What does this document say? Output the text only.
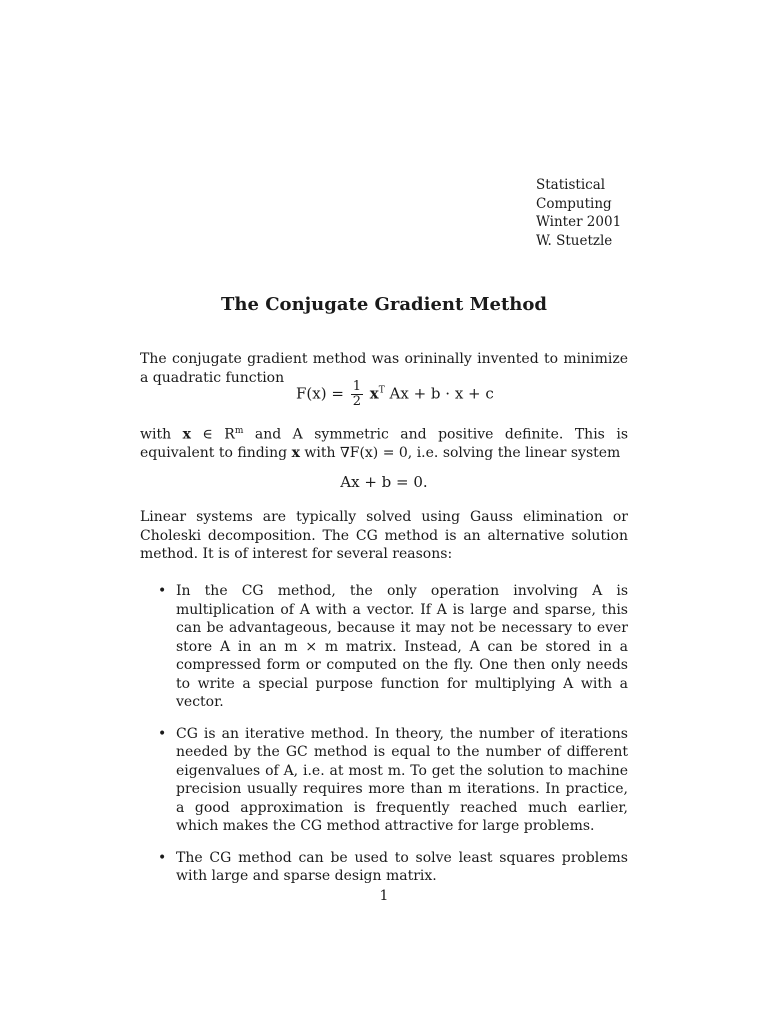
Statistical
Computing
Winter 2001
W. Stuetzle
The Conjugate Gradient Method
The conjugate gradient method was orininally invented to minimize a quadratic function
$F(x) = \frac{1}{2} x^T$ Ax + b · x + c
with x ∈ $R^m$ and A symmetric and positive definite. This is equivalent to finding x with ∇F(x) = 0, i.e. solving the linear system
Ax + b = 0.
Linear systems are typically solved using Gauss elimination or Choleski decomposition. The CG method is an alternative solution method. It is of interest for several reasons:
• In the CG method, the only operation involving A is multiplication of A with a vector. If A is large and sparse, this can be advantageous, because it may not be necessary to ever store A in an m × m matrix. Instead, A can be stored in a compressed form or computed on the fly. One then only needs to write a special purpose function for multiplying A with a vector.
• CG is an iterative method. In theory, the number of iterations needed by the GC method is equal to the number of different eigenvalues of A, i.e. at most m. To get the solution to machine precision usually requires more than m iterations. In practice, a good approximation is frequently reached much earlier, which makes the CG method attractive for large problems.
• The CG method can be used to solve least squares problems with large and sparse design matrix.
1
